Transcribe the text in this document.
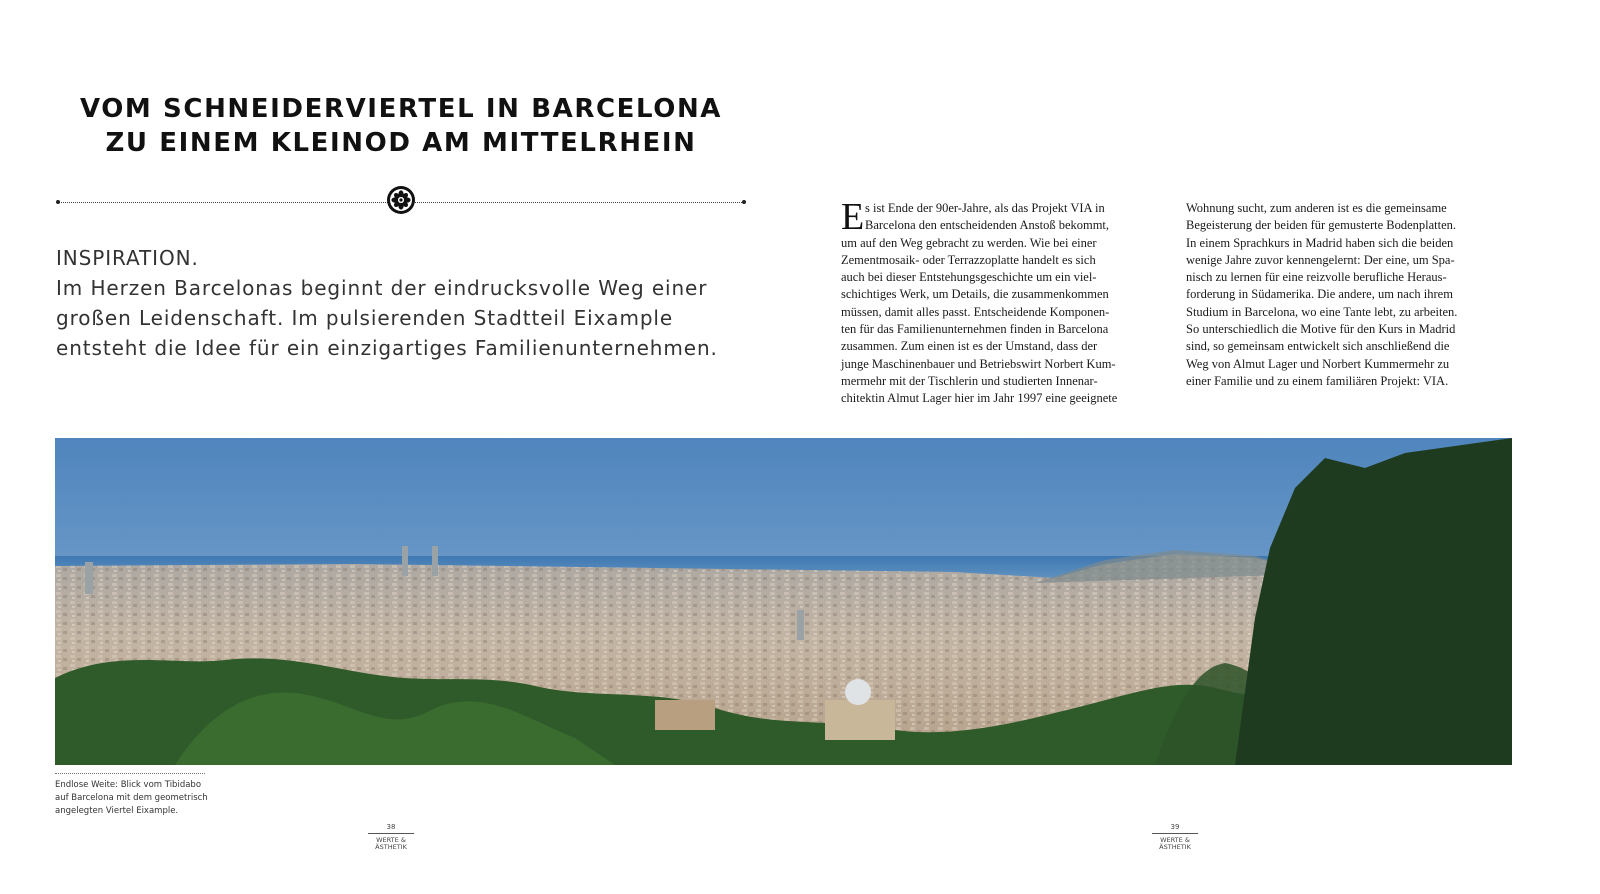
VOM SCHNEIDERVIERTEL IN BARCELONA
ZU EINEM KLEINOD AM MITTELRHEIN
INSPIRATION.
Im Herzen Barcelonas beginnt der eindrucksvolle Weg einer
großen Leidenschaft. Im pulsierenden Stadtteil Eixample
entsteht die Idee für ein einzigartiges Familienunternehmen.
E s ist Ende der 90er-Jahre, als das Projekt VIA in
Barcelona den entscheidenden Anstoß bekommt,
um auf den Weg gebracht zu werden. Wie bei einer
Zementmosaik- oder Terrazzoplatte handelt es sich
auch bei dieser Entstehungsgeschichte um ein viel-
schichtiges Werk, um Details, die zusammenkommen
müssen, damit alles passt. Entscheidende Komponen-
ten für das Familienunternehmen finden in Barcelona
zusammen. Zum einen ist es der Umstand, dass der
junge Maschinenbauer und Betriebswirt Norbert Kum-
mermehr mit der Tischlerin und studierten Innenar-
chitektin Almut Lager hier im Jahr 1997 eine geeignete
Wohnung sucht, zum anderen ist es die gemeinsame
Begeisterung der beiden für gemusterte Bodenplatten.
In einem Sprachkurs in Madrid haben sich die beiden
wenige Jahre zuvor kennengelernt: Der eine, um Spa-
nisch zu lernen für eine reizvolle berufliche Heraus-
forderung in Südamerika. Die andere, um nach ihrem
Studium in Barcelona, wo eine Tante lebt, zu arbeiten.
So unterschiedlich die Motive für den Kurs in Madrid
sind, so gemeinsam entwickelt sich anschließend die
Weg von Almut Lager und Norbert Kummermehr zu
einer Familie und zu einem familiären Projekt: VIA.
Endlose Weite: Blick vom Tibidabo
auf Barcelona mit dem geometrisch
angelegten Viertel Eixample.
38
WERTE &
ÄSTHETIK
39
WERTE &
ÄSTHETIK
